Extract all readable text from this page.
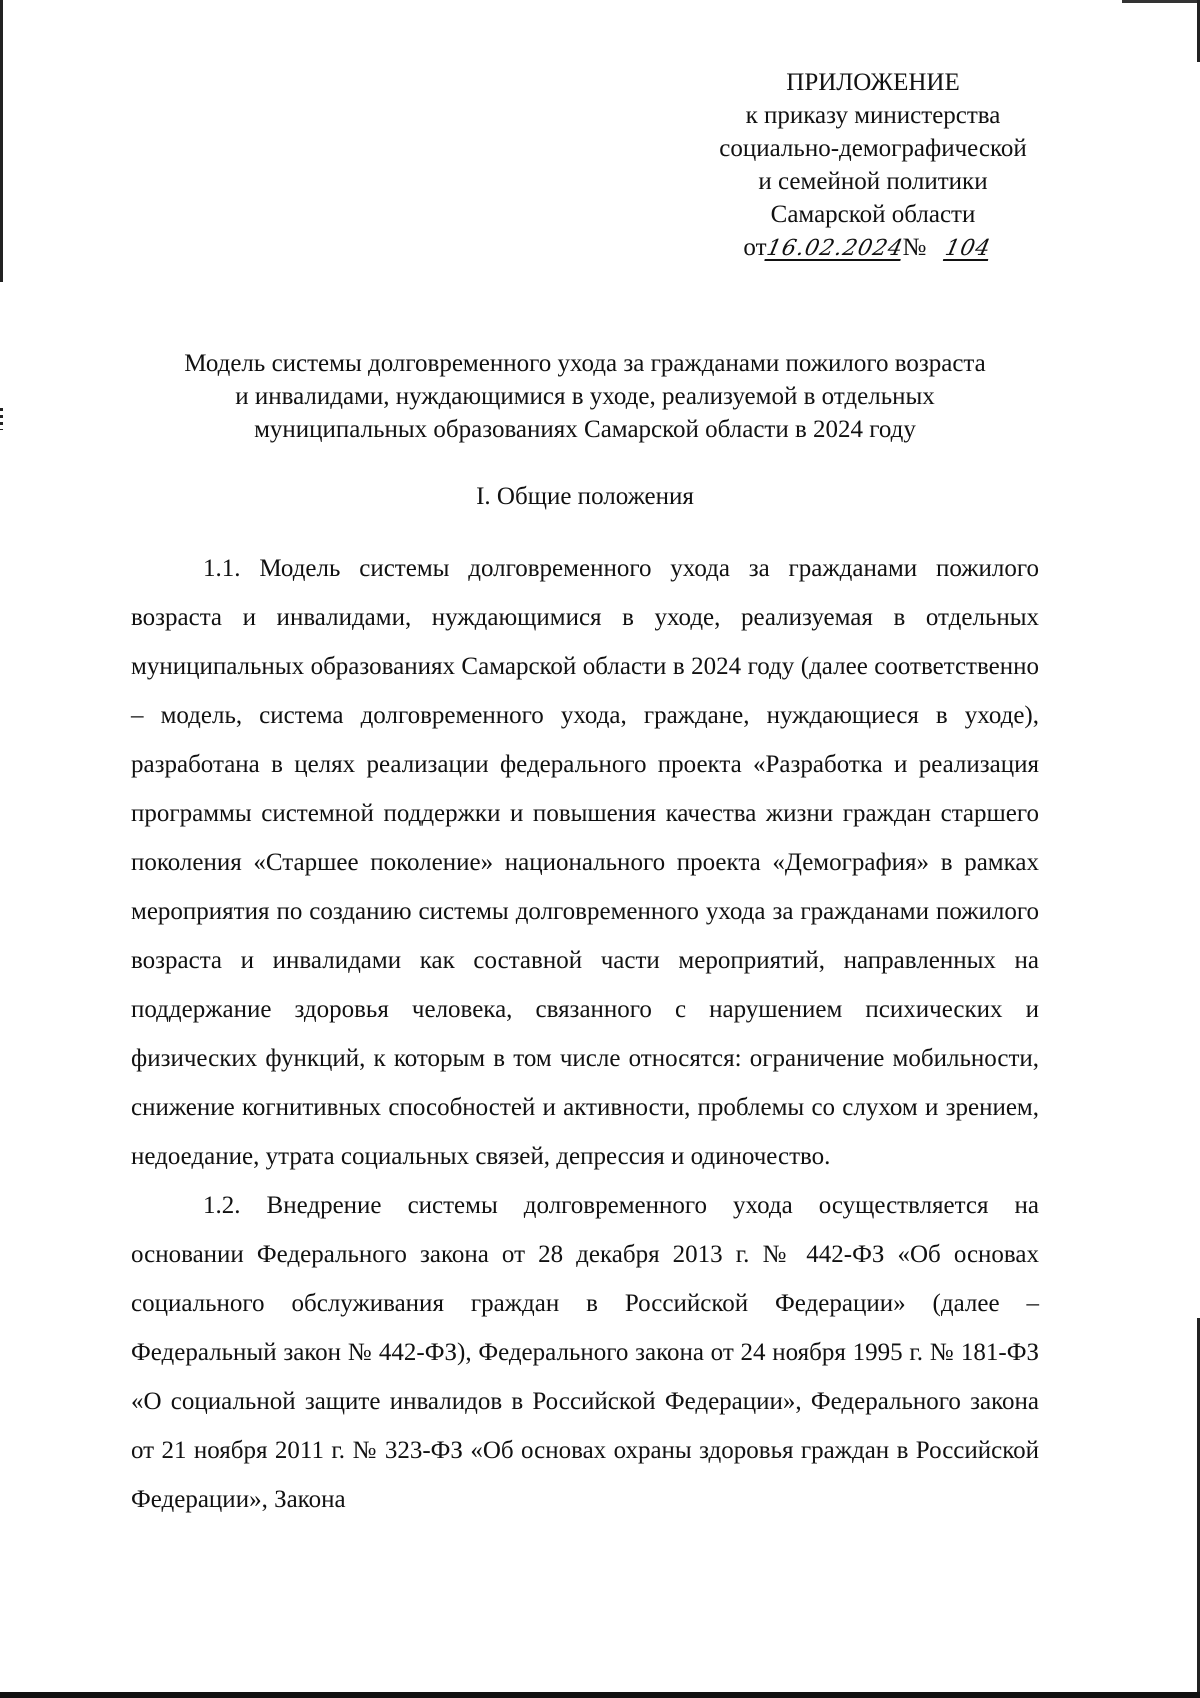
ПРИЛОЖЕНИЕ
к приказу министерства
социально-демографической
и семейной политики
Самарской области
от16.02.2024№ 104
Модель системы долговременного ухода за гражданами пожилого возраста
и инвалидами, нуждающимися в уходе, реализуемой в отдельных
муниципальных образованиях Самарской области в 2024 году
I. Общие положения

1.1. Модель системы долговременного ухода за гражданами пожилого возраста и инвалидами, нуждающимися в уходе, реализуемая в отдельных муниципальных образованиях Самарской области в 2024 году (далее соответственно – модель, система долговременного ухода, граждане, нуждающиеся в уходе), разработана в целях реализации федерального проекта «Разработка и реализация программы системной поддержки и повышения качества жизни граждан старшего поколения «Старшее поколение» национального проекта «Демография» в рамках мероприятия по созданию системы долговременного ухода за гражданами пожилого возраста и инвалидами как составной части мероприятий, направленных на поддержание здоровья человека, связанного с нарушением психических и физических функций, к которым в том числе относятся: ограничение мобильности, снижение когнитивных способностей и активности, проблемы со слухом и зрением, недоедание, утрата социальных связей, депрессия и одиночество.

1.2. Внедрение системы долговременного ухода осуществляется на основании Федерального закона от 28 декабря 2013 г. № 442-ФЗ «Об основах социального обслуживания граждан в Российской Федерации» (далее – Федеральный закон № 442-ФЗ), Федерального закона от 24 ноября 1995 г. № 181-ФЗ «О социальной защите инвалидов в Российской Федерации», Федерального закона от 21 ноября 2011 г. № 323-ФЗ «Об основах охраны здоровья граждан в Российской Федерации», Закона
